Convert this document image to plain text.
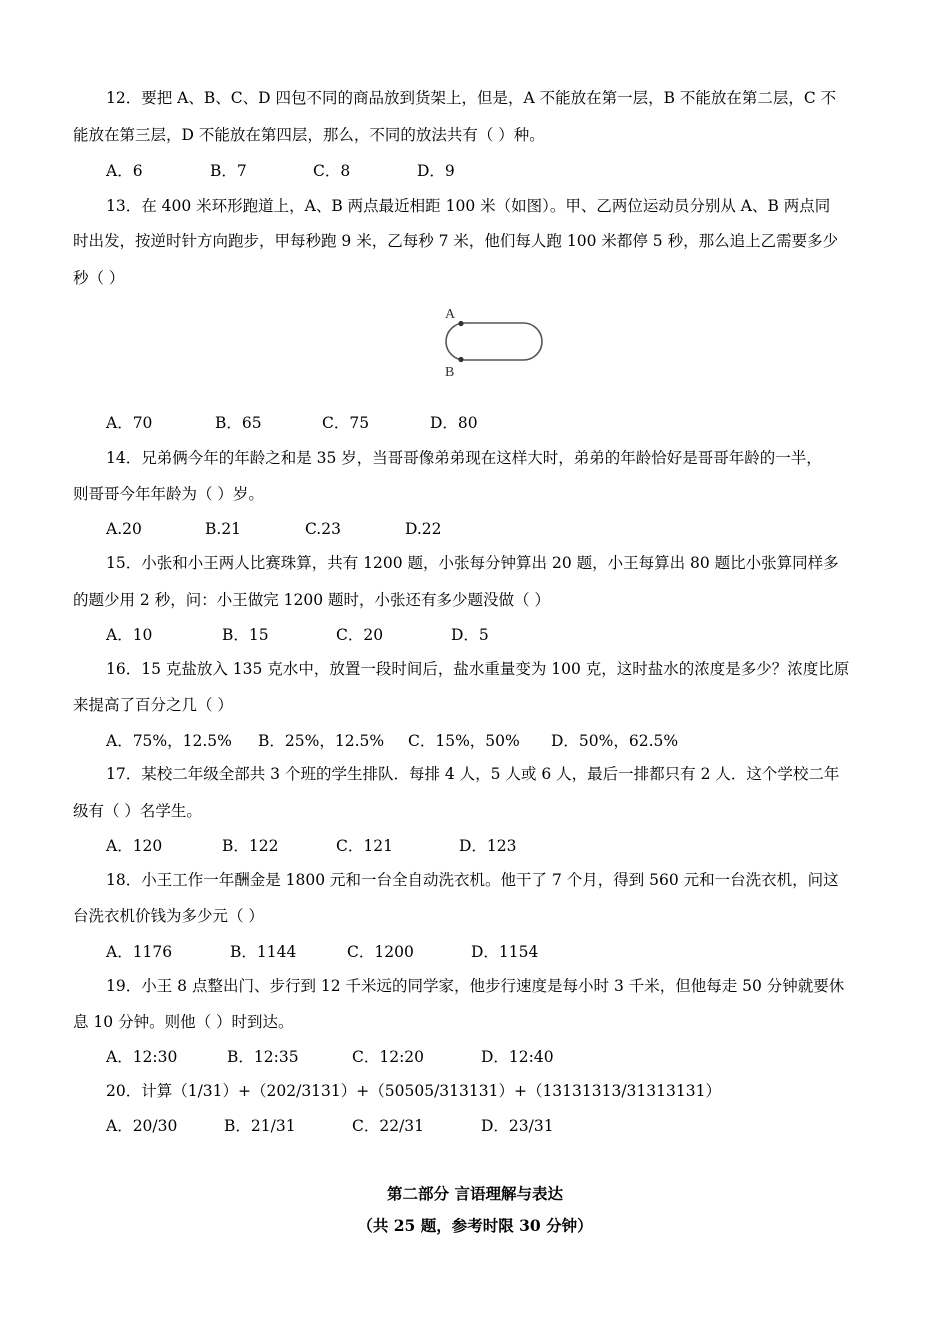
12．要把 A、B、C、D 四包不同的商品放到货架上，但是，A 不能放在第一层，B 不能放在第二层，C 不
能放在第三层，D 不能放在第四层，那么，不同的放法共有（ ）种。
A．6	B．7	C．8	D．9
13．在 400 米环形跑道上，A、B 两点最近相距 100 米（如图）。甲、乙两位运动员分别从 A、B 两点同
时出发，按逆时针方向跑步，甲每秒跑 9 米，乙每秒 7 米，他们每人跑 100 米都停 5 秒，那么追上乙需要多少
秒（ ）
A
B
A．70	B．65	C．75	D．80
14．兄弟俩今年的年龄之和是 35 岁，当哥哥像弟弟现在这样大时，弟弟的年龄恰好是哥哥年龄的一半，
则哥哥今年年龄为（ ）岁。
A.20	B.21	C.23	D.22
15．小张和小王两人比赛珠算，共有 1200 题，小张每分钟算出 20 题，小王每算出 80 题比小张算同样多
的题少用 2 秒，问：小王做完 1200 题时，小张还有多少题没做（ ）
A．10	B．15	C．20	D．5
16．15 克盐放入 135 克水中，放置一段时间后，盐水重量变为 100 克，这时盐水的浓度是多少？浓度比原
来提高了百分之几（ ）
A．75%，12.5% B．25%，12.5% C．15%，50% D．50%，62.5%
17．某校二年级全部共 3 个班的学生排队．每排 4 人，5 人或 6 人，最后一排都只有 2 人．这个学校二年
级有（ ）名学生。
A．120	B．122	C．121	D．123
18．小王工作一年酬金是 1800 元和一台全自动洗衣机。他干了 7 个月，得到 560 元和一台洗衣机，问这
台洗衣机价钱为多少元（ ）
A．1176	B．1144	C．1200	D．1154
19．小王 8 点整出门、步行到 12 千米远的同学家，他步行速度是每小时 3 千米，但他每走 50 分钟就要休
息 10 分钟。则他（ ）时到达。
A．12:30	B．12:35	C．12:20	D．12:40
20．计算（1/31）+（202/3131）+（50505/313131）+（13131313/31313131）
A．20/30	B．21/31	C．22/31	D．23/31
第二部分 言语理解与表达
（共 25 题，参考时限 30 分钟）
